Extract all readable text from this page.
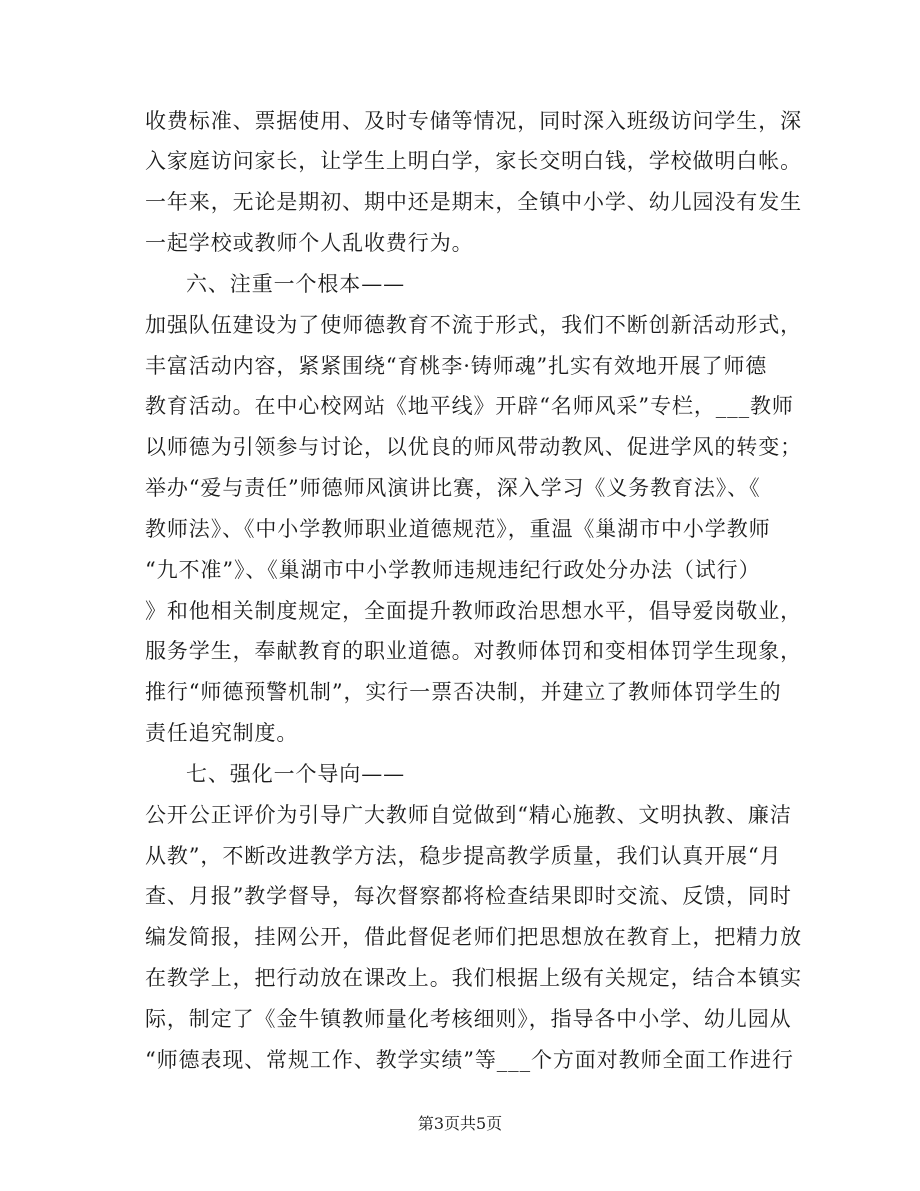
收费标准、票据使用、及时专储等情况，同时深入班级访问学生，深
入家庭访问家长，让学生上明白学，家长交明白钱，学校做明白帐。
一年来，无论是期初、期中还是期末，全镇中小学、幼儿园没有发生
一起学校或教师个人乱收费行为。
六、注重一个根本——
加强队伍建设为了使师德教育不流于形式，我们不断创新活动形式，
丰富活动内容，紧紧围绕“育桃李·铸师魂”扎实有效地开展了师德
教育活动。在中心校网站《地平线》开辟“名师风采”专栏，___教师
以师德为引领参与讨论，以优良的师风带动教风、促进学风的转变；
举办“爱与责任”师德师风演讲比赛，深入学习《义务教育法》、《
教师法》、《中小学教师职业道德规范》，重温《巢湖市中小学教师
“九不准”》、《巢湖市中小学教师违规违纪行政处分办法（试行）
》和他相关制度规定，全面提升教师政治思想水平，倡导爱岗敬业，
服务学生，奉献教育的职业道德。对教师体罚和变相体罚学生现象，
推行“师德预警机制”，实行一票否决制，并建立了教师体罚学生的
责任追究制度。
七、强化一个导向——
公开公正评价为引导广大教师自觉做到“精心施教、文明执教、廉洁
从教”，不断改进教学方法，稳步提高教学质量，我们认真开展“月
查、月报”教学督导，每次督察都将检查结果即时交流、反馈，同时
编发简报，挂网公开，借此督促老师们把思想放在教育上，把精力放
在教学上，把行动放在课改上。我们根据上级有关规定，结合本镇实
际，制定了《金牛镇教师量化考核细则》，指导各中小学、幼儿园从
“师德表现、常规工作、教学实绩”等___个方面对教师全面工作进行
第3页共5页
